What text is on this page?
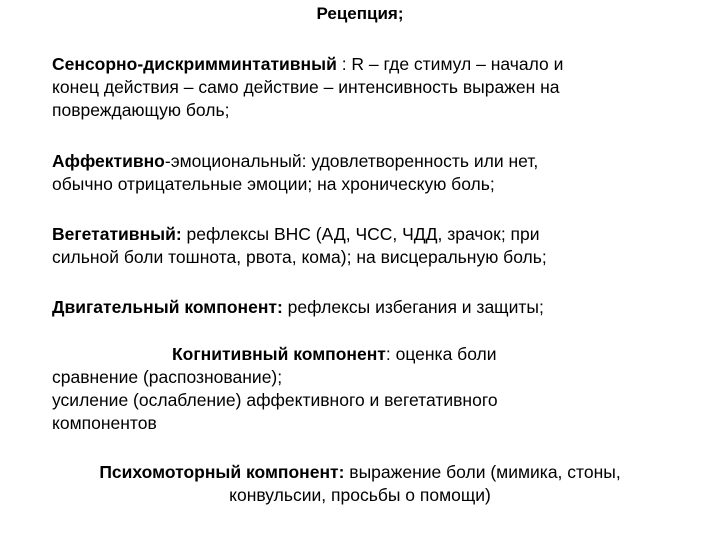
Рецепция;
Сенсорно-дискримминтативный : R – где стимул – начало и
конец действия – само действие – интенсивность выражен на
повреждающую боль;
Аффективно-эмоциональный: удовлетворенность или нет,
обычно отрицательные эмоции; на хроническую боль;
Вегетативный: рефлексы ВНС (АД, ЧСС, ЧДД, зрачок; при
сильной боли тошнота, рвота, кома); на висцеральную боль;
Двигательный компонент: рефлексы избегания и защиты;
Когнитивный компонент: оценка боли
сравнение (распознование);
усиление (ослабление) аффективного и вегетативного
компонентов
Психомоторный компонент: выражение боли (мимика, стоны,
конвульсии, просьбы о помощи)
